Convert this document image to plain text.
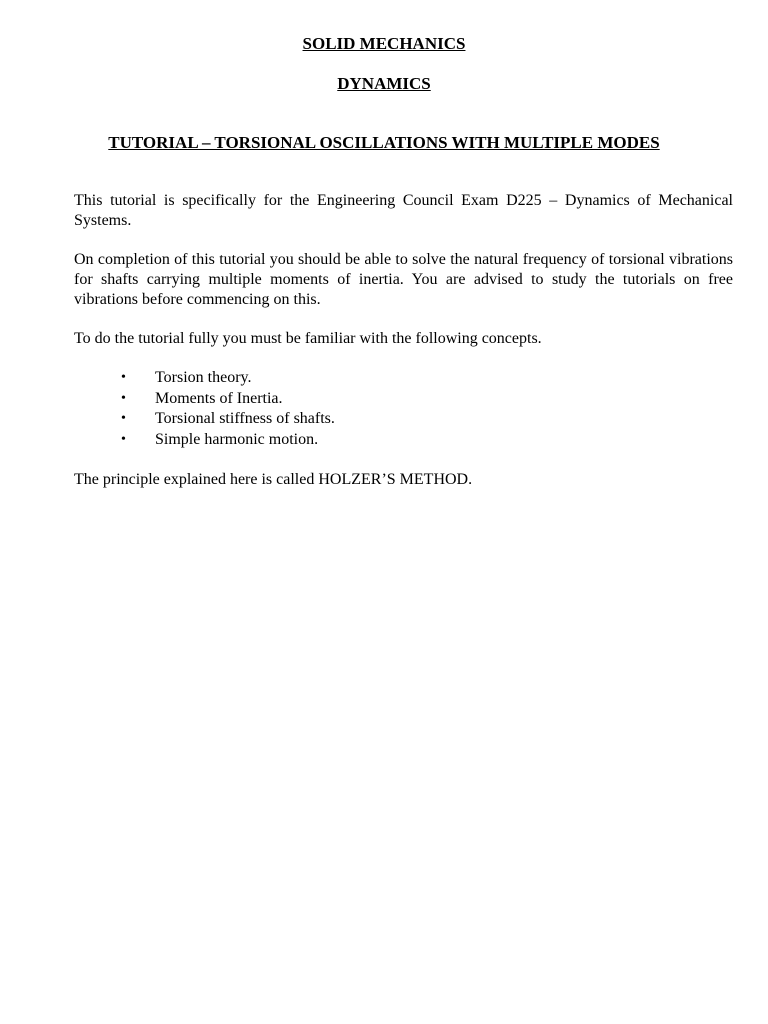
SOLID MECHANICS

DYNAMICS

TUTORIAL – TORSIONAL OSCILLATIONS WITH MULTIPLE MODES

This tutorial is specifically for the Engineering Council Exam D225 – Dynamics of Mechanical Systems.

On completion of this tutorial you should be able to solve the natural frequency of torsional vibrations for shafts carrying multiple moments of inertia. You are advised to study the tutorials on free vibrations before commencing on this.

To do the tutorial fully you must be familiar with the following concepts.

• Torsion theory.
• Moments of Inertia.
• Torsional stiffness of shafts.
• Simple harmonic motion.

The principle explained here is called HOLZER’S METHOD.
